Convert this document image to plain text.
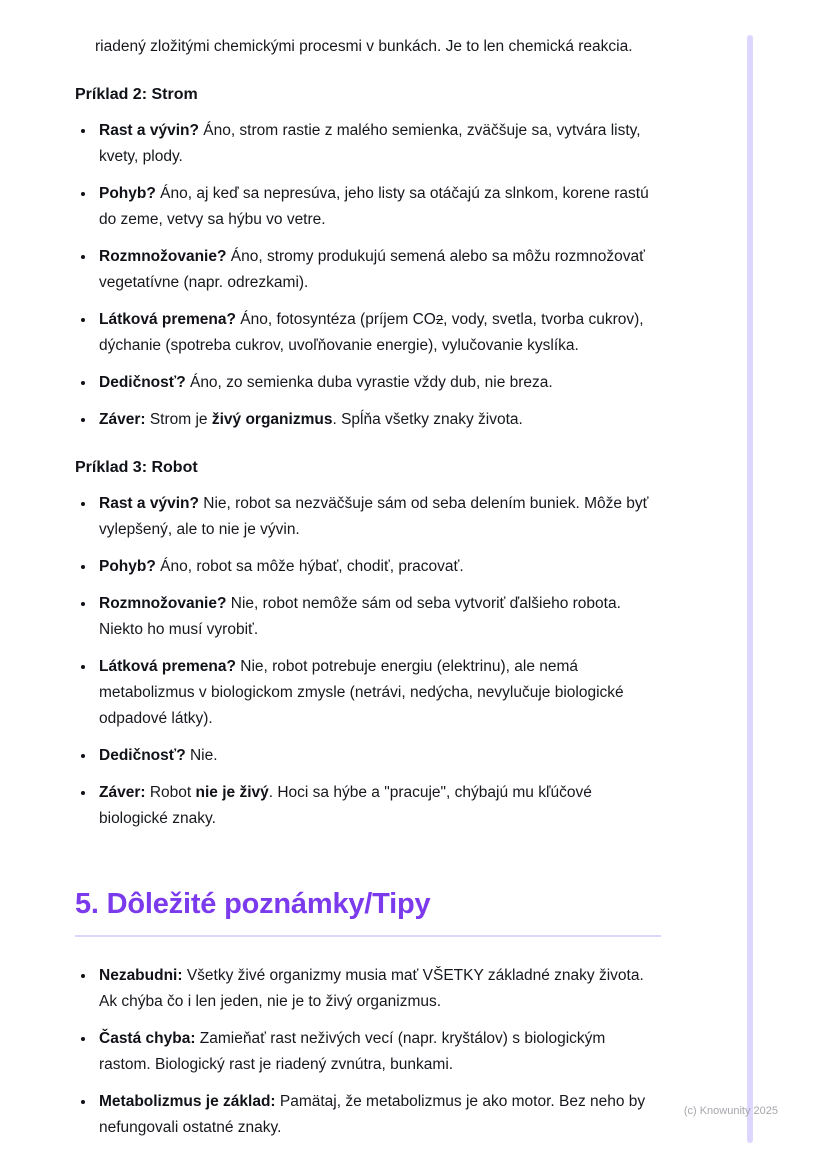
riadený zložitými chemickými procesmi v bunkách. Je to len chemická reakcia.

Príklad 2: Strom
• Rast a vývin? Áno, strom rastie z malého semienka, zväčšuje sa, vytvára listy, kvety, plody.
• Pohyb? Áno, aj keď sa nepresúva, jeho listy sa otáčajú za slnkom, korene rastú do zeme, vetvy sa hýbu vo vetre.
• Rozmnožovanie? Áno, stromy produkujú semená alebo sa môžu rozmnožovať vegetatívne (napr. odrezkami).
• Látková premena? Áno, fotosyntéza (príjem CO2, vody, svetla, tvorba cukrov), dýchanie (spotreba cukrov, uvoľňovanie energie), vylučovanie kyslíka.
• Dedičnosť? Áno, zo semienka duba vyrastie vždy dub, nie breza.
• Záver: Strom je živý organizmus. Spĺňa všetky znaky života.
Príklad 3: Robot
• Rast a vývin? Nie, robot sa nezväčšuje sám od seba delením buniek. Môže byť vylepšený, ale to nie je vývin.
• Pohyb? Áno, robot sa môže hýbať, chodiť, pracovať.
• Rozmnožovanie? Nie, robot nemôže sám od seba vytvoriť ďalšieho robota. Niekto ho musí vyrobiť.
• Látková premena? Nie, robot potrebuje energiu (elektrinu), ale nemá metabolizmus v biologickom zmysle (netrávi, nedýcha, nevylučuje biologické odpadové látky).
• Dedičnosť? Nie.
• Záver: Robot nie je živý. Hoci sa hýbe a "pracuje", chýbajú mu kľúčové biologické znaky.
5. Dôležité poznámky/Tipy
• Nezabudni: Všetky živé organizmy musia mať VŠETKY základné znaky života. Ak chýba čo i len jeden, nie je to živý organizmus.
• Častá chyba: Zamieňať rast neživých vecí (napr. kryštálov) s biologickým rastom. Biologický rast je riadený zvnútra, bunkami.
• Metabolizmus je základ: Pamätaj, že metabolizmus je ako motor. Bez neho by nefungovali ostatné znaky.
(c) Knowunity 2025
